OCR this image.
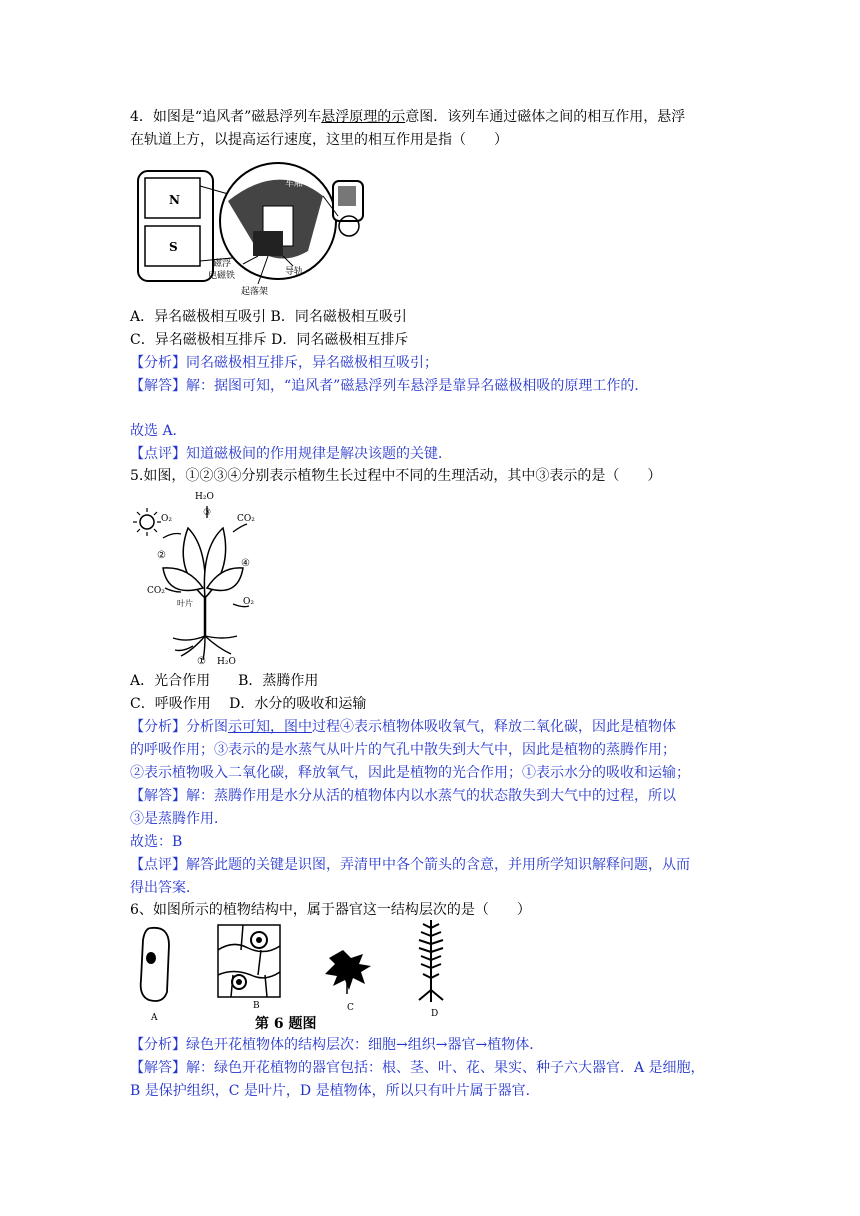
4．如图是“追风者”磁悬浮列车悬浮原理的示意图．该列车通过磁体之间的相互作用，悬浮
在轨道上方，以提高运行速度，这里的相互作用是指（　　）
N
S
车厢
磁浮
电磁铁	导轨
起落架
A．异名磁极相互吸引 B．同名磁极相互吸引
C．异名磁极相互排斥 D．同名磁极相互排斥
【分析】同名磁极相互排斥，异名磁极相互吸引；
【解答】解：据图可知，“追风者”磁悬浮列车悬浮是靠异名磁极相吸的原理工作的．
故选 A．
【点评】知道磁极间的作用规律是解决该题的关键．
5.如图，①②③④分别表示植物生长过程中不同的生理活动，其中③表示的是（　　）
H₂O
③
O₂	CO₂
②
④
CO₂
叶片	O₂
① H₂O
A．光合作用　　B．蒸腾作用
C．呼吸作用　 D．水分的吸收和运输
【分析】分析图示可知，图中过程④表示植物体吸收氧气，释放二氧化碳，因此是植物体
的呼吸作用；③表示的是水蒸气从叶片的气孔中散失到大气中，因此是植物的蒸腾作用；
②表示植物吸入二氧化碳，释放氧气，因此是植物的光合作用；①表示水分的吸收和运输；
【解答】解：蒸腾作用是水分从活的植物体内以水蒸气的状态散失到大气中的过程，所以
③是蒸腾作用．
故选：B
【点评】解答此题的关键是识图，弄清甲中各个箭头的含意，并用所学知识解释问题，从而
得出答案．
6、如图所示的植物结构中，属于器官这一结构层次的是（　　）
A
B	C
D
第 6 题图
【分析】绿色开花植物体的结构层次：细胞→组织→器官→植物体．
【解答】解：绿色开花植物的器官包括：根、茎、叶、花、果实、种子六大器官．A 是细胞，
B 是保护组织，C 是叶片，D 是植物体，所以只有叶片属于器官．
